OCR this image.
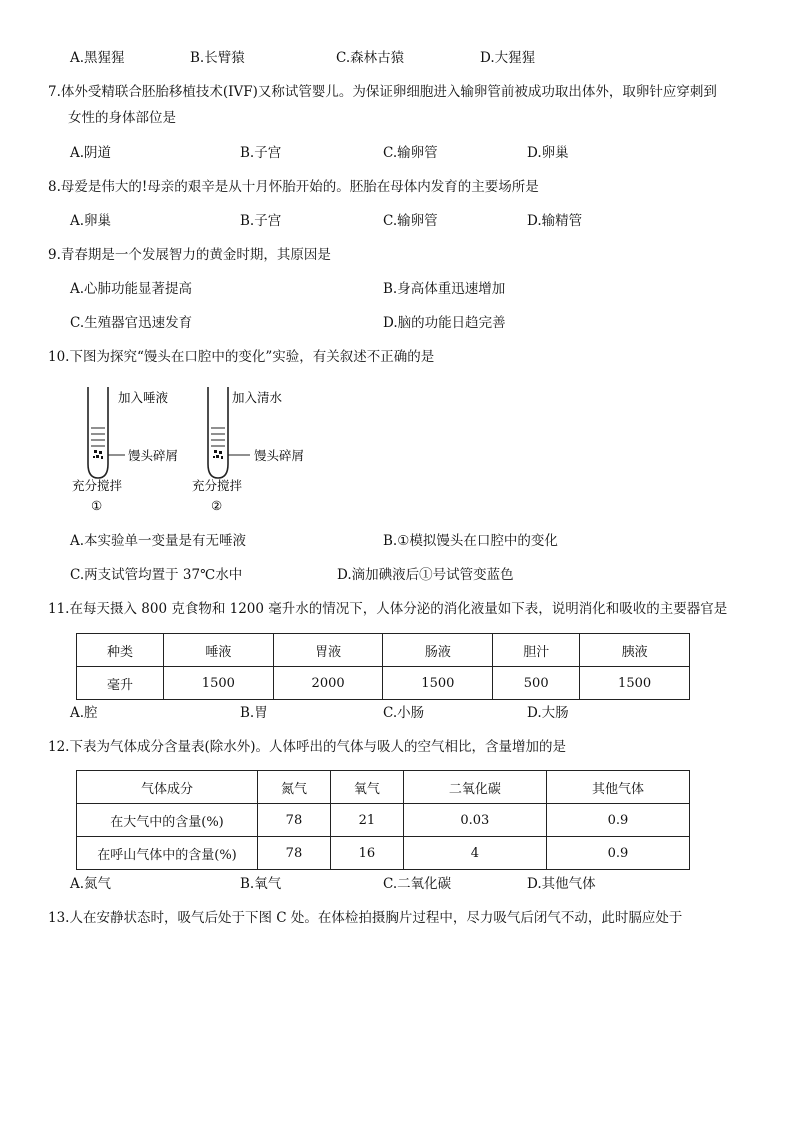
A.黑猩猩	B.长臂猿	C.森林古猿	D.大猩猩
7.体外受精联合胚胎移植技术(IVF)又称试管婴儿。为保证卵细胞进入输卵管前被成功取出体外，取卵针应穿刺到
女性的身体部位是
A.阴道	B.子宫	C.输卵管	D.卵巢
8.母爱是伟大的!母亲的艰辛是从十月怀胎开始的。胚胎在母体内发育的主要场所是
A.卵巢	B.子宫	C.输卵管	D.输精管
9.青春期是一个发展智力的黄金时期，其原因是
A.心肺功能显著提高	B.身高体重迅速增加
C.生殖器官迅速发育	D.脑的功能日趋完善
10.下图为探究“馒头在口腔中的变化”实验，有关叙述不正确的是
加入唾液
馒头碎屑
充分搅拌
①
加入清水
馒头碎屑
充分搅拌
②
A.本实验单一变量是有无唾液	B.①模拟馒头在口腔中的变化
C.两支试管均置于 37℃水中	D.滴加碘液后①号试管变蓝色
11.在每天摄入 800 克食物和 1200 毫升水的情况下，人体分泌的消化液量如下表，说明消化和吸收的主要器官是
种类	唾液	胃液	肠液	胆汁	胰液
毫升	1500	2000	1500	500	1500
A.腔	B.胃	C.小肠	D.大肠
12.下表为气体成分含量表(除水外)。人体呼出的气体与吸人的空气相比，含量增加的是
气体成分	氮气	氧气	二氧化碳	其他气体
在大气中的含量(%)	78	21	0.03	0.9
在呼山气体中的含量(%)	78	16	4	0.9
A.氮气	B.氧气	C.二氧化碳	D.其他气体
13.人在安静状态时，吸气后处于下图 C 处。在体检拍摄胸片过程中，尽力吸气后闭气不动，此时膈应处于
